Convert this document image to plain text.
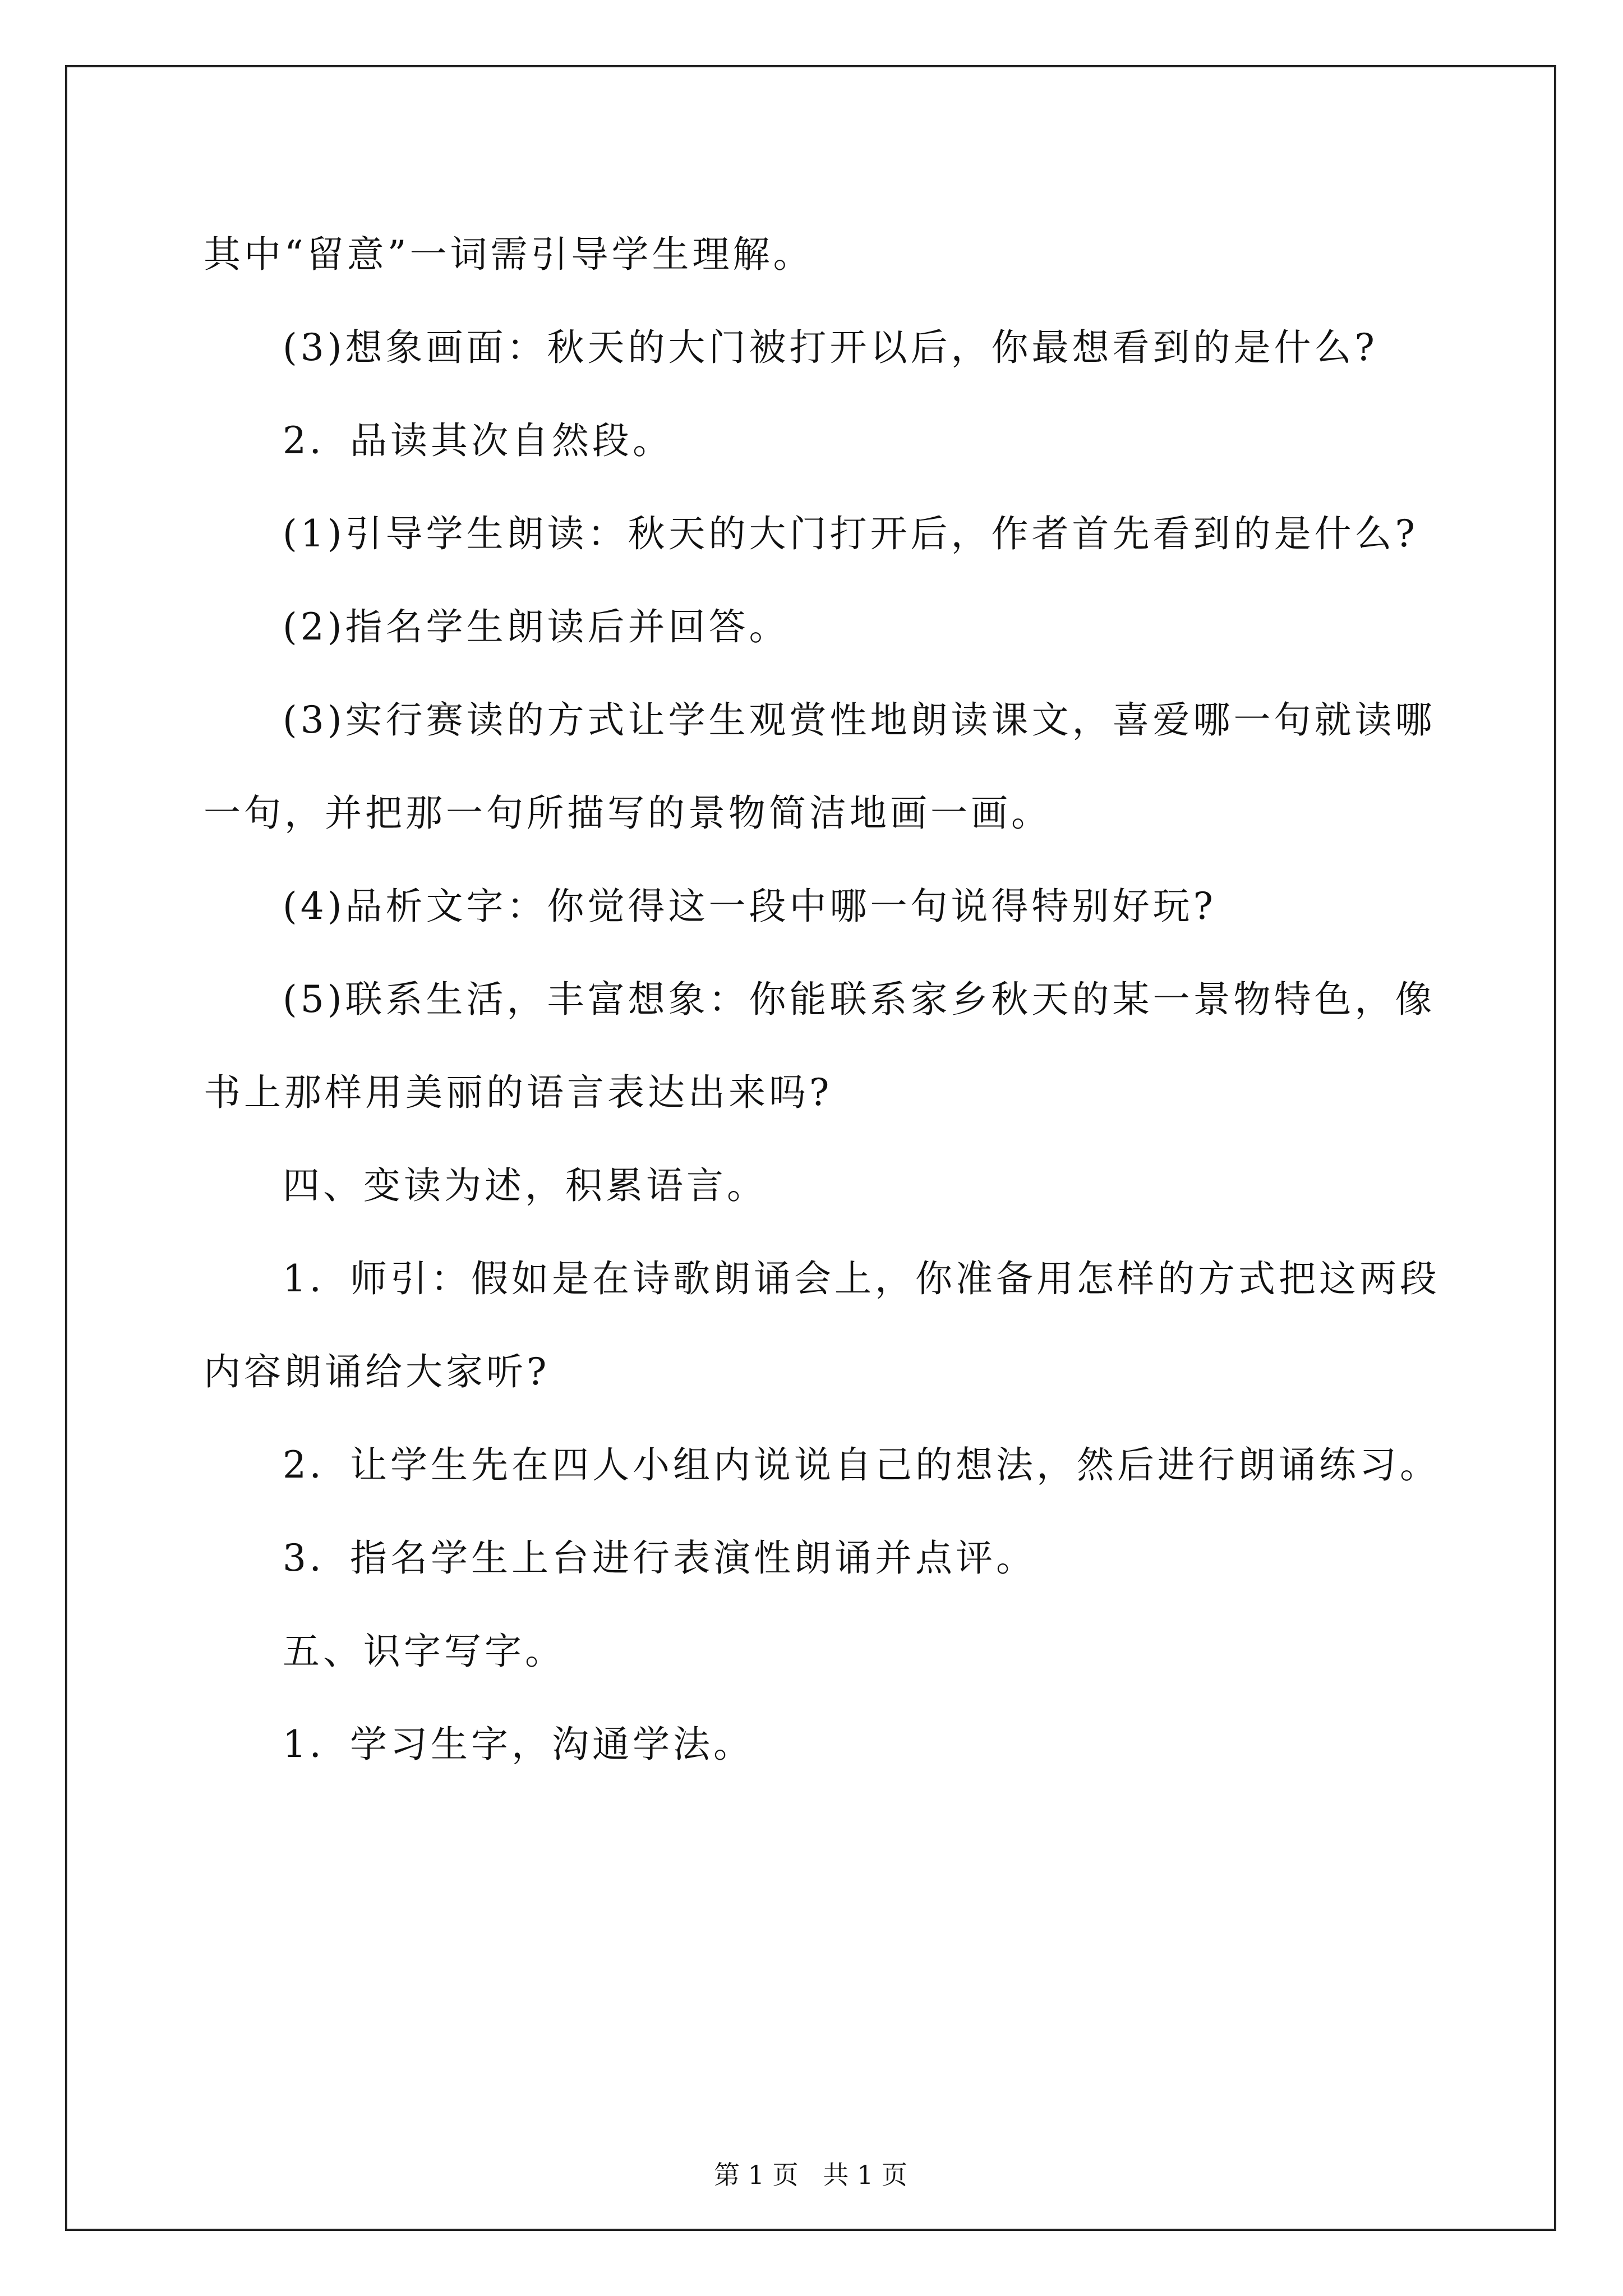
其中“留意”一词需引导学生理解。
(3)想象画面：秋天的大门被打开以后，你最想看到的是什么?
2．品读其次自然段。
(1)引导学生朗读：秋天的大门打开后，作者首先看到的是什么?
(2)指名学生朗读后并回答。
(3)实行赛读的方式让学生观赏性地朗读课文，喜爱哪一句就读哪
一句，并把那一句所描写的景物简洁地画一画。
(4)品析文字：你觉得这一段中哪一句说得特别好玩?
(5)联系生活，丰富想象：你能联系家乡秋天的某一景物特色，像
书上那样用美丽的语言表达出来吗?
四、变读为述，积累语言。
1．师引：假如是在诗歌朗诵会上，你准备用怎样的方式把这两段
内容朗诵给大家听?
2．让学生先在四人小组内说说自己的想法，然后进行朗诵练习。
3．指名学生上台进行表演性朗诵并点评。
五、识字写字。
1．学习生字，沟通学法。
第 1 页   共 1 页
